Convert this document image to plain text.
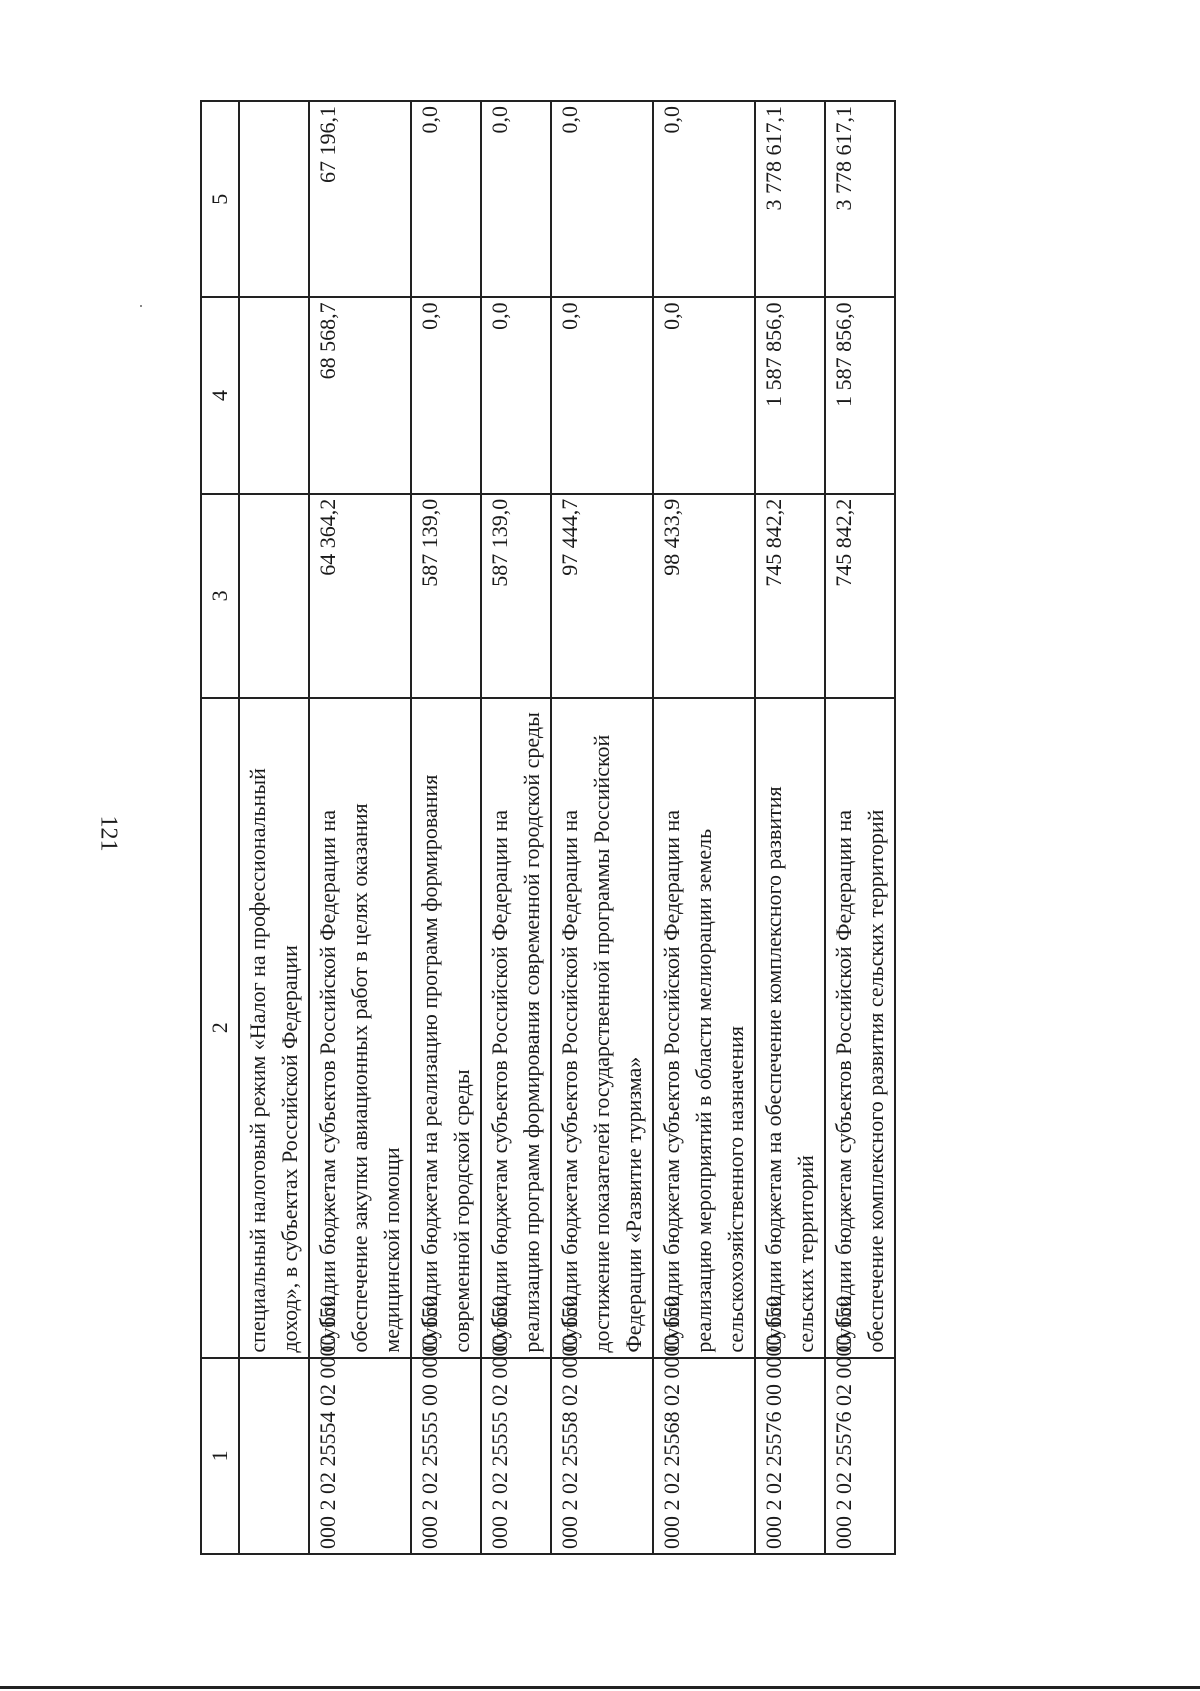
121
1	2	3	4	5
	специальный налоговый режим «Налог на профессиональный доход», в субъектах Российской Федерации			
000 2 02 25554 02 0000 150	Субсидии бюджетам субъектов Российской Федерации на обеспечение закупки авиационных работ в целях оказания медицинской помощи	64 364,2	68 568,7	67 196,1
000 2 02 25555 00 0000 150	Субсидии бюджетам на реализацию программ формирования современной городской среды	587 139,0	0,0	0,0
000 2 02 25555 02 0000 150	Субсидии бюджетам субъектов Российской Федерации на реализацию программ формирования современной городской среды	587 139,0	0,0	0,0
000 2 02 25558 02 0000 150	Субсидии бюджетам субъектов Российской Федерации на достижение показателей государственной программы Российской Федерации «Развитие туризма»	97 444,7	0,0	0,0
000 2 02 25568 02 0000 150	Субсидии бюджетам субъектов Российской Федерации на реализацию мероприятий в области мелиорации земель сельскохозяйственного назначения	98 433,9	0,0	0,0
000 2 02 25576 00 0000 150	Субсидии бюджетам на обеспечение комплексного развития сельских территорий	745 842,2	1 587 856,0	3 778 617,1
000 2 02 25576 02 0000 150	Субсидии бюджетам субъектов Российской Федерации на обеспечение комплексного развития сельских территорий	745 842,2	1 587 856,0	3 778 617,1
